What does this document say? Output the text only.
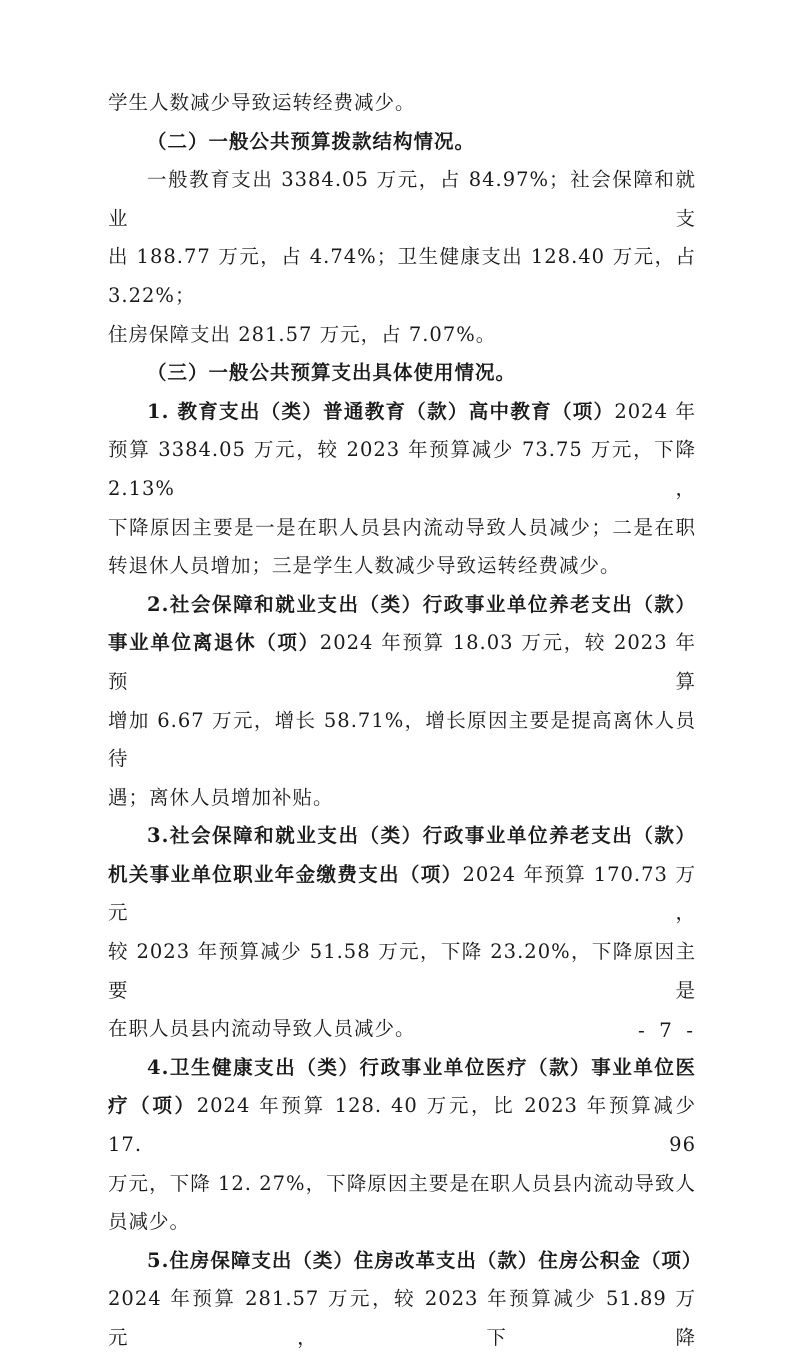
学生人数减少导致运转经费减少。

（二）一般公共预算拨款结构情况。

一般教育支出 3384.05 万元，占 84.97%；社会保障和就业支

出 188.77 万元，占 4.74%；卫生健康支出 128.40 万元，占 3.22%；

住房保障支出 281.57 万元，占 7.07%。

（三）一般公共预算支出具体使用情况。

1. 教育支出（类）普通教育（款）高中教育（项）2024 年

预算 3384.05 万元，较 2023 年预算减少 73.75 万元，下降 2.13%，

下降原因主要是一是在职人员县内流动导致人员减少；二是在职

转退休人员增加；三是学生人数减少导致运转经费减少。

2.社会保障和就业支出（类）行政事业单位养老支出（款）

事业单位离退休（项）2024 年预算 18.03 万元，较 2023 年预算

增加 6.67 万元，增长 58.71%，增长原因主要是提高离休人员待

遇；离休人员增加补贴。

3.社会保障和就业支出（类）行政事业单位养老支出（款）

机关事业单位职业年金缴费支出（项）2024 年预算 170.73 万元，

较 2023 年预算减少 51.58 万元，下降 23.20%，下降原因主要是

在职人员县内流动导致人员减少。

4.卫生健康支出（类）行政事业单位医疗（款）事业单位医

疗（项）2024 年预算 128. 40 万元，比 2023 年预算减少 17. 96

万元，下降 12. 27%，下降原因主要是在职人员县内流动导致人

员减少。

5.住房保障支出（类）住房改革支出（款）住房公积金（项）

2024 年预算 281.57 万元，较 2023 年预算减少 51.89 万元，下降

- 7 -
